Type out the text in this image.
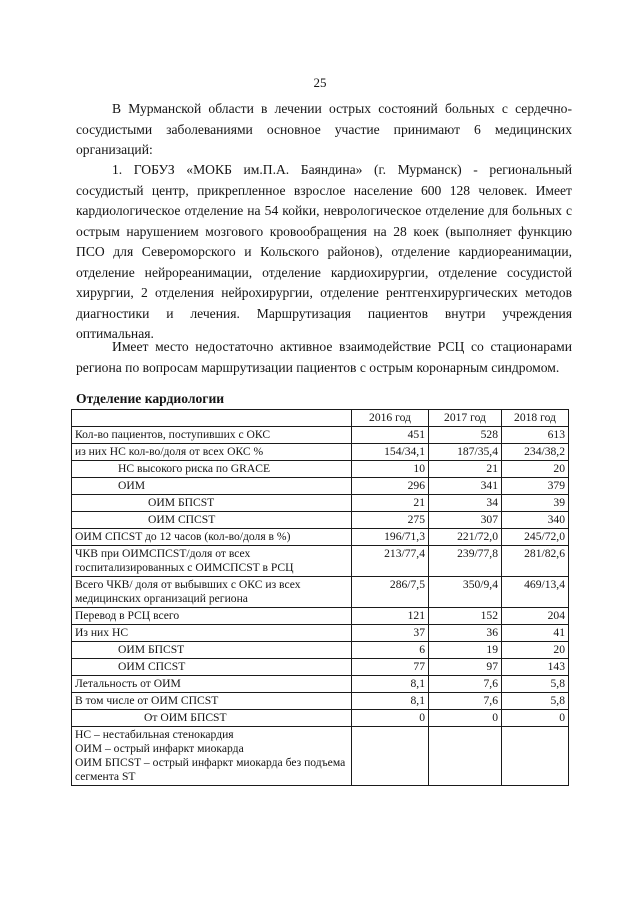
25

В Мурманской области в лечении острых состояний больных с сердечно-сосудистыми заболеваниями основное участие принимают 6 медицинских организаций:

1. ГОБУЗ «МОКБ им.П.А. Баяндина» (г. Мурманск) - региональный сосудистый центр, прикрепленное взрослое население 600 128 человек. Имеет кардиологическое отделение на 54 койки, неврологическое отделение для больных с острым нарушением мозгового кровообращения на 28 коек (выполняет функцию ПСО для Североморского и Кольского районов), отделение кардиореанимации, отделение нейрореанимации, отделение кардиохирургии, отделение сосудистой хирургии, 2 отделения нейрохирургии, отделение рентгенхирургических методов диагностики и лечения. Маршрутизация пациентов внутри учреждения оптимальная.

Имеет место недостаточно активное взаимодействие РСЦ со стационарами региона по вопросам маршрутизации пациентов с острым коронарным синдромом.

Отделение кардиологии
	2016 год	2017 год	2018 год
Кол-во пациентов, поступивших с ОКС	451	528	613
из них НС кол-во/доля от всех ОКС %	154/34,1	187/35,4	234/38,2
НС высокого риска по GRACE	10	21	20
ОИМ	296	341	379
ОИМ БПСST	21	34	39
ОИМ СПСST	275	307	340
ОИМ СПСST до 12 часов (кол-во/доля в %)	196/71,3	221/72,0	245/72,0
ЧКВ при ОИМСПСST/доля от всех госпитализированных с ОИМСПСST в РСЦ	213/77,4	239/77,8	281/82,6
Всего ЧКВ/ доля от выбывших с ОКС из всех медицинских организаций региона	286/7,5	350/9,4	469/13,4
Перевод в РСЦ всего	121	152	204
Из них НС	37	36	41
ОИМ БПСST	6	19	20
ОИМ СПСST	77	97	143
Летальность от ОИМ	8,1	7,6	5,8
В том числе от ОИМ СПСST	8,1	7,6	5,8
От ОИМ БПСST	0	0	0

НС – нестабильная стенокардия
ОИМ – острый инфаркт миокарда
ОИМ БПСST – острый инфаркт миокарда без подъема сегмента ST			
